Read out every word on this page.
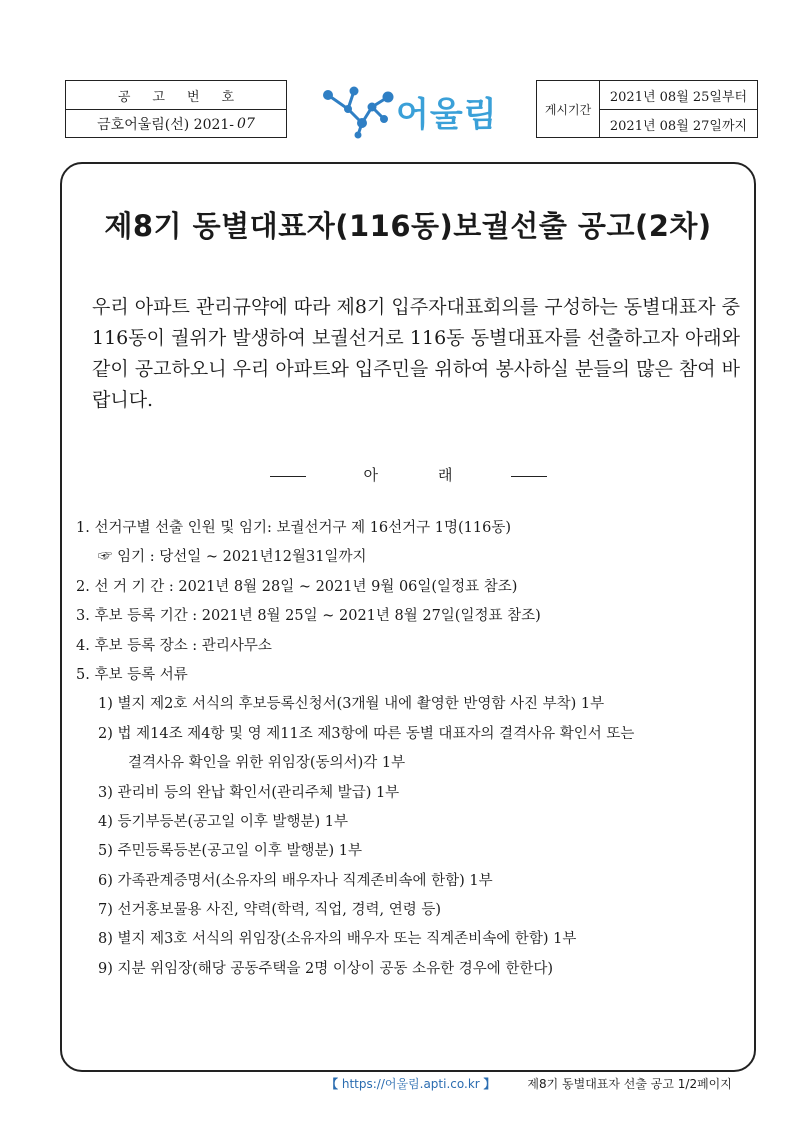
공고번호
금호어울림(선) 2021- 07	어울림	게시기간
2021년 08월 25일부터
2021년 08월 27일까지
제8기 동별대표자(116동)보궐선출 공고(2차)
우리 아파트 관리규약에 따라 제8기 입주자대표회의를 구성하는 동별대표자 중 116동이 궐위가 발생하여 보궐선거로 116동 동별대표자를 선출하고자 아래와 같이 공고하오니 우리 아파트와 입주민을 위하여 봉사하실 분들의 많은 참여 바랍니다.
아	래
1. 선거구별 선출 인원 및 임기: 보궐선거구 제 16선거구 1명(116동)
☞ 임기 : 당선일 ~ 2021년12월31일까지
2. 선 거 기 간 : 2021년 8월 28일 ~ 2021년 9월 06일(일정표 참조)
3. 후보 등록 기간 : 2021년 8월 25일 ~ 2021년 8월 27일(일정표 참조)
4. 후보 등록 장소 : 관리사무소
5. 후보 등록 서류
1) 별지 제2호 서식의 후보등록신청서(3개월 내에 촬영한 반영함 사진 부착) 1부
2) 법 제14조 제4항 및 영 제11조 제3항에 따른 동별 대표자의 결격사유 확인서 또는
결격사유 확인을 위한 위임장(동의서)각 1부
3) 관리비 등의 완납 확인서(관리주체 발급) 1부
4) 등기부등본(공고일 이후 발행분) 1부
5) 주민등록등본(공고일 이후 발행분) 1부
6) 가족관계증명서(소유자의 배우자나 직계존비속에 한함) 1부
7) 선거홍보물용 사진, 약력(학력, 직업, 경력, 연령 등)
8) 별지 제3호 서식의 위임장(소유자의 배우자 또는 직계존비속에 한함) 1부
9) 지분 위임장(해당 공동주택을 2명 이상이 공동 소유한 경우에 한한다)
【 https://어울림.apti.co.kr 】	제8기 동별대표자 선출 공고 1/2페이지
